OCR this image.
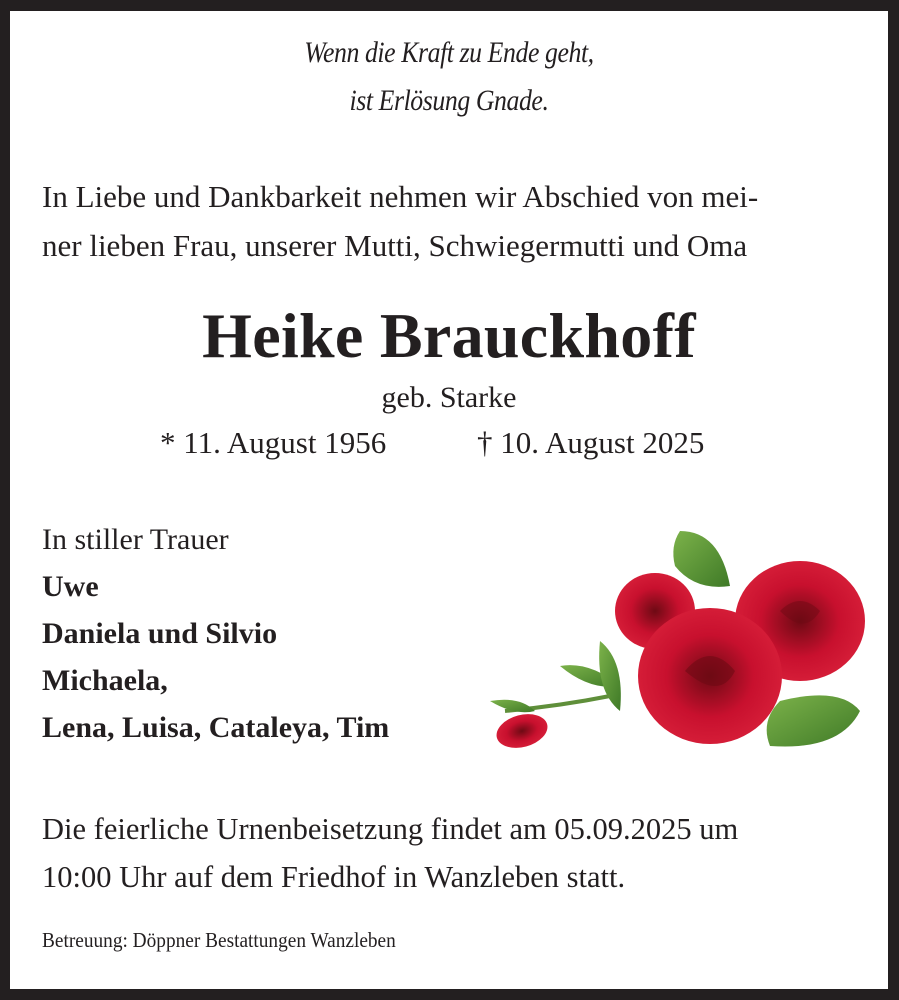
Wenn die Kraft zu Ende geht,
ist Erlösung Gnade.
In Liebe und Dankbarkeit nehmen wir Abschied von mei-
ner lieben Frau, unserer Mutti, Schwiegermutti und Oma
Heike Brauckhoff
geb. Starke
* 11. August 1956	† 10. August 2025
In stiller Trauer
Uwe
Daniela und Silvio
Michaela,
Lena, Luisa, Cataleya, Tim
Die feierliche Urnenbeisetzung findet am 05.09.2025 um
10:00 Uhr auf dem Friedhof in Wanzleben statt.
Betreuung: Döppner Bestattungen Wanzleben
